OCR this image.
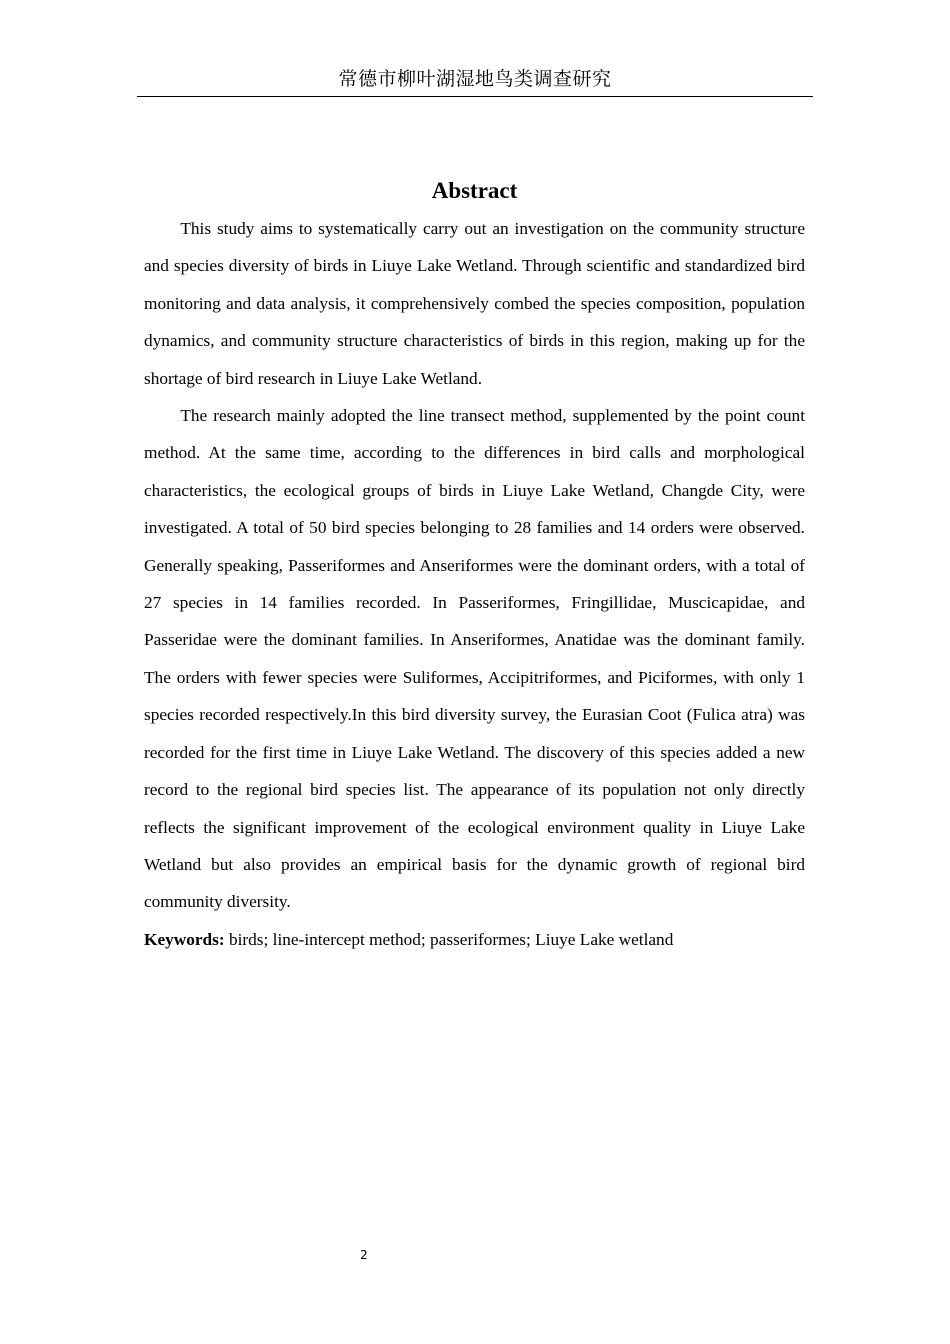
常德市柳叶湖湿地鸟类调查研究
Abstract

This study aims to systematically carry out an investigation on the community structure and species diversity of birds in Liuye Lake Wetland. Through scientific and standardized bird monitoring and data analysis, it comprehensively combed the species composition, population dynamics, and community structure characteristics of birds in this region, making up for the shortage of bird research in Liuye Lake Wetland.

The research mainly adopted the line transect method, supplemented by the point count method. At the same time, according to the differences in bird calls and morphological characteristics, the ecological groups of birds in Liuye Lake Wetland, Changde City, were investigated. A total of 50 bird species belonging to 28 families and 14 orders were observed. Generally speaking, Passeriformes and Anseriformes were the dominant orders, with a total of 27 species in 14 families recorded. In Passeriformes, Fringillidae, Muscicapidae, and Passeridae were the dominant families. In Anseriformes, Anatidae was the dominant family. The orders with fewer species were Suliformes, Accipitriformes, and Piciformes, with only 1 species recorded respectively.In this bird diversity survey, the Eurasian Coot (Fulica atra) was recorded for the first time in Liuye Lake Wetland. The discovery of this species added a new record to the regional bird species list. The appearance of its population not only directly reflects the significant improvement of the ecological environment quality in Liuye Lake Wetland but also provides an empirical basis for the dynamic growth of regional bird community diversity.

Keywords: birds; line-intercept method; passeriformes; Liuye Lake wetland

2
